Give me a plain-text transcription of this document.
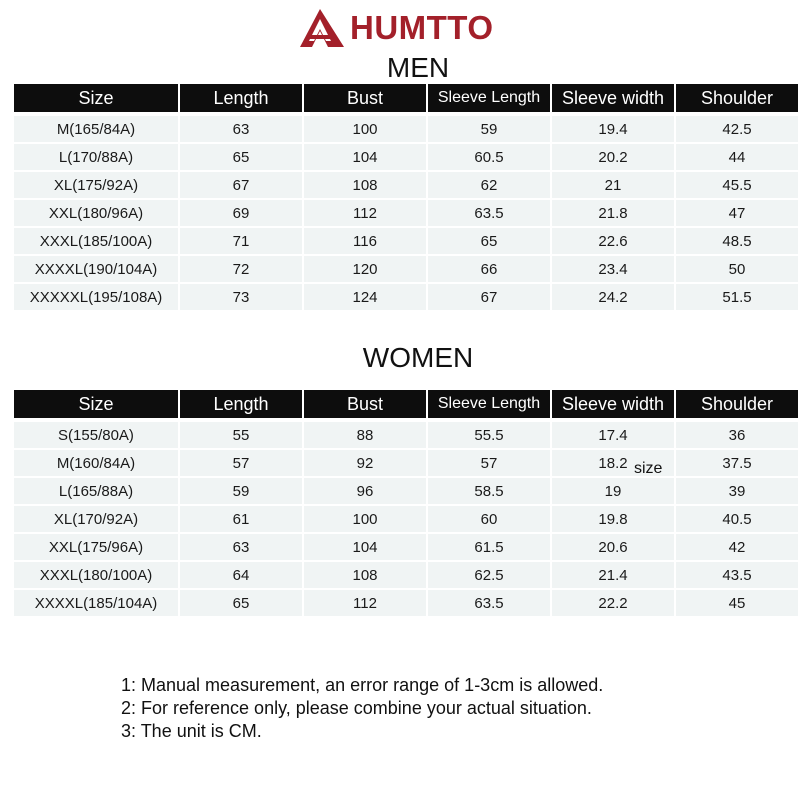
HUMTTO
MEN
Size	Length	Bust	Sleeve Length	Sleeve width	Shoulder
M(165/84A)	63	100	59	19.4	42.5
L(170/88A)	65	104	60.5	20.2	44
XL(175/92A)	67	108	62	21	45.5
XXL(180/96A)	69	112	63.5	21.8	47
XXXL(185/100A)	71	116	65	22.6	48.5
XXXXL(190/104A)	72	120	66	23.4	50
XXXXXL(195/108A)	73	124	67	24.2	51.5
WOMEN
Size	Length	Bust	Sleeve Length	Sleeve width	Shoulder
S(155/80A)	55	88	55.5	17.4	36
M(160/84A)	57	92	57	18.2	37.5
L(165/88A)	59	96	58.5	19	39
XL(170/92A)	61	100	60	19.8	40.5
XXL(175/96A)	63	104	61.5	20.6	42
XXXL(180/100A)	64	108	62.5	21.4	43.5
XXXXL(185/104A)	65	112	63.5	22.2	45
size
1: Manual measurement, an error range of 1-3cm is allowed.
2: For reference only, please combine your actual situation.
3: The unit is CM.
